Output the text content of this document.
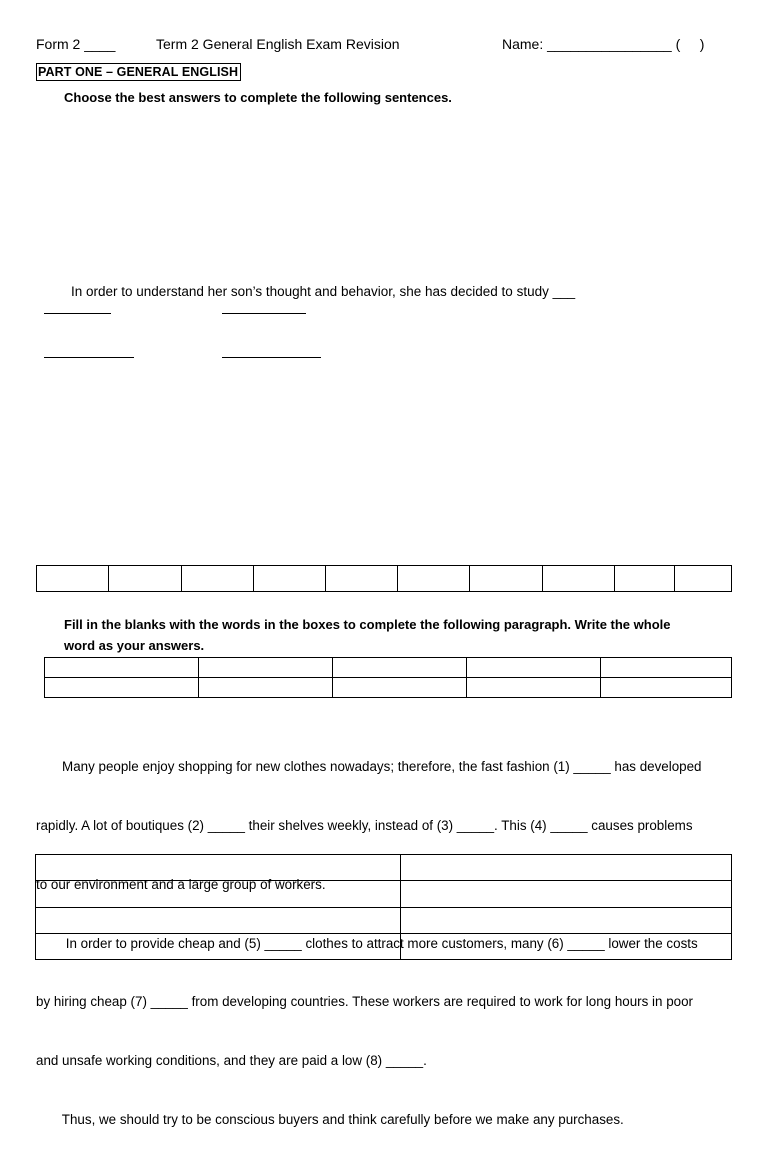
Form 2 ____	Term 2 General English Exam Revision	Name: ________________ (     )
PART ONE – GENERAL ENGLISH
Choose the best answers to complete the following sentences.
In order to understand her son’s thought and behavior, she has decided to study ___

Fill in the blanks with the words in the boxes to complete the following paragraph. Write the whole
word as your answers.

Many people enjoy shopping for new clothes nowadays; therefore, the fast fashion (1) _____ has developed

rapidly. A lot of boutiques (2) _____ their shelves weekly, instead of (3) _____. This (4) _____ causes problems

to our environment and a large group of workers.

In order to provide cheap and (5) _____ clothes to attract more customers, many (6) _____ lower the costs

by hiring cheap (7) _____ from developing countries. These workers are required to work for long hours in poor

and unsafe working conditions, and they are paid a low (8) _____.

Thus, we should try to be conscious buyers and think carefully before we make any purchases.
